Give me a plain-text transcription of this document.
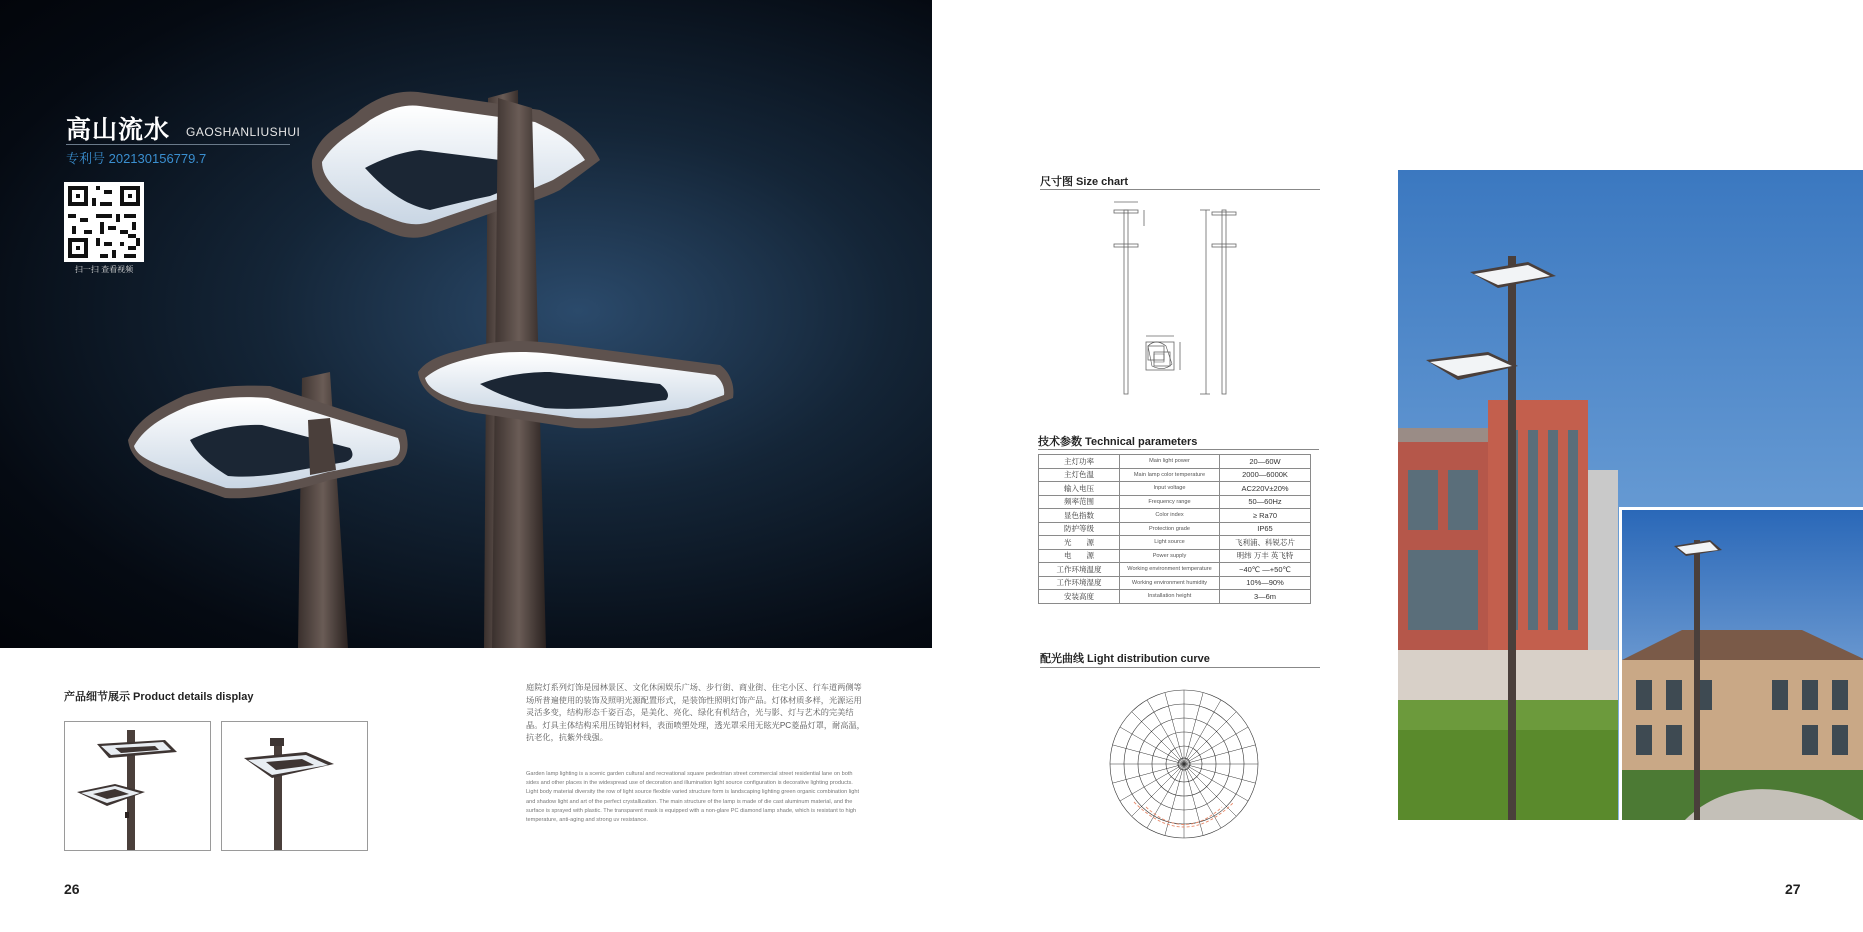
高山流水 GAOSHANLIUSHUI
专利号 202130156779.7
扫一扫 查看视频
产品细节展示 Product details display
庭院灯系列灯饰是园林景区、文化休闲娱乐广场、步行街、商业街、住宅小区、行车道两侧等场所普遍使用的装饰及照明光源配置形式，是装饰性照明灯饰产品。灯体材质多样，光源运用灵活多变，结构形态千姿百态，是美化、亮化、绿化有机结合，光与影、灯与艺术的完美结晶。灯具主体结构采用压铸铝材料，表面喷塑处理，透光罩采用无眩光PC菱晶灯罩，耐高温，抗老化，抗紫外线强。
Garden lamp lighting is a scenic garden cultural and recreational square pedestrian street commercial street residential lane on both sides and other places in the widespread use of decoration and illumination light source configuration is decorative lighting products. Light body material diversity the row of light source flexible varied structure form is landscaping lighting green organic combination light and shadow light and art of the perfect crystallization. The main structure of the lamp is made of die cast aluminum material, and the surface is sprayed with plastic. The transparent mask is equipped with a non-glare PC diamond lamp shade, which is resistant to high temperature, anti-aging and strong uv resistance.
26
尺寸图 Size chart
技术参数 Technical parameters
主灯功率	Main light power	20—60W
主灯色温	Main lamp color temperature	2000—6000K
输入电压	Input voltage	AC220V±20%
频率范围	Frequency range	50—60Hz
显色指数	Color index	≥ Ra70
防护等级	Protection grade	IP65
光　　源	Light source	飞利浦、科锐芯片
电　　源	Power supply	明纬 万丰 英飞特
工作环境温度	Working environment temperature	−40℃ —+50℃
工作环境湿度	Working environment humidity	10%—90%
安装高度	Installation height	3—6m
配光曲线 Light distribution curve
27
